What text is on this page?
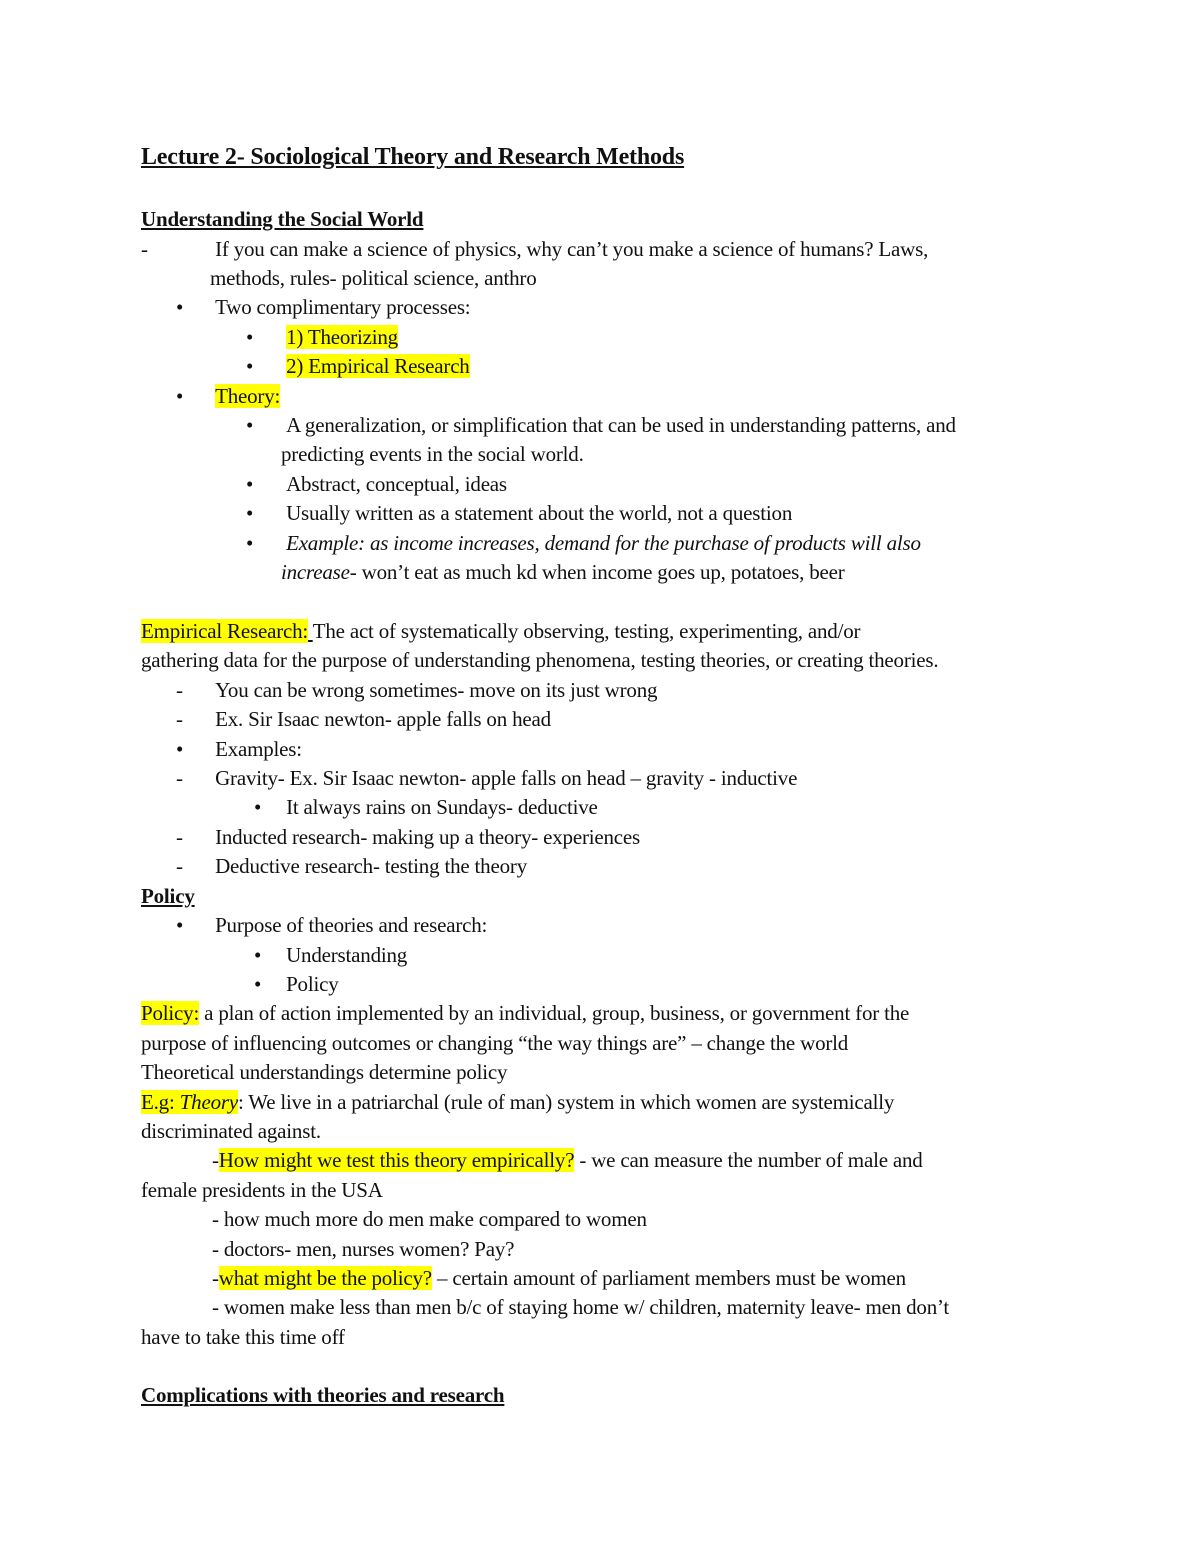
Lecture 2- Sociological Theory and Research Methods
Understanding the Social World
-	If you can make a science of physics, why can’t you make a science of humans? Laws,
methods, rules- political science, anthro
• Two complimentary processes:
• 1) Theorizing
• 2) Empirical Research
• Theory:
• A generalization, or simplification that can be used in understanding patterns, and
predicting events in the social world.
• Abstract, conceptual, ideas
• Usually written as a statement about the world, not a question
• Example: as income increases, demand for the purchase of products will also
increase- won’t eat as much kd when income goes up, potatoes, beer
Empirical Research: The act of systematically observing, testing, experimenting, and/or
gathering data for the purpose of understanding phenomena, testing theories, or creating theories.
- You can be wrong sometimes- move on its just wrong
- Ex. Sir Isaac newton- apple falls on head
• Examples:
- Gravity- Ex. Sir Isaac newton- apple falls on head – gravity - inductive
• It always rains on Sundays- deductive
- Inducted research- making up a theory- experiences
- Deductive research- testing the theory
Policy
• Purpose of theories and research:
• Understanding
• Policy
Policy: a plan of action implemented by an individual, group, business, or government for the
purpose of influencing outcomes or changing “the way things are” – change the world
Theoretical understandings determine policy
E.g: Theory: We live in a patriarchal (rule of man) system in which women are systemically
discriminated against.
-How might we test this theory empirically? - we can measure the number of male and
female presidents in the USA
- how much more do men make compared to women
- doctors- men, nurses women? Pay?
-what might be the policy? – certain amount of parliament members must be women
- women make less than men b/c of staying home w/ children, maternity leave- men don’t
have to take this time off
Complications with theories and research
